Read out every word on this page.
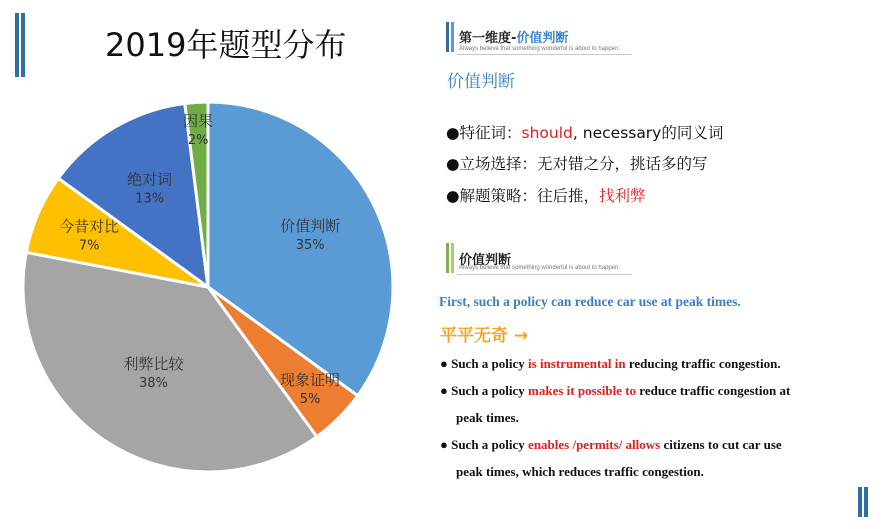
2019年题型分布
价值判断
35%
现象证明
5%
利弊比较
38%
今昔对比
7%
绝对词
13%
因果
2%
第一维度-价值判断
Always believe that something wonderful is about to happen.
价值判断
●特征词：should, necessary的同义词
●立场选择：无对错之分，挑话多的写
●解题策略：往后推，找利弊
价值判断
Always believe that something wonderful is about to happen.
First, such a policy can reduce car use at peak times.
平平无奇 →
● Such a policy is instrumental in reducing traffic congestion.
● Such a policy makes it possible to reduce traffic congestion at
peak times.
● Such a policy enables /permits/ allows citizens to cut car use
peak times, which reduces traffic congestion.
